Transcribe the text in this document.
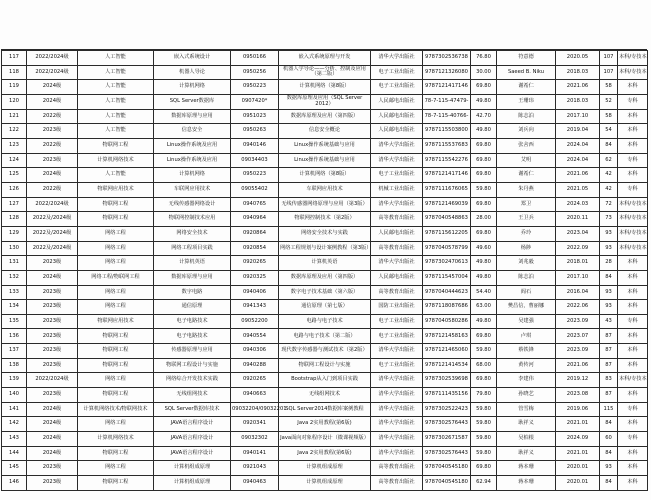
117	2022/2024级	人工智能	嵌入式系统设计	0950166	嵌入式系统原理与开发	清华大学出版社	9787302536738	76.80	符意德	2020.05	107	本科/专技本
118	2022/2024级	人工智能	机器人导论	0950256	机器人学导论——分析、控制及应用（第二版）	电子工业出版社	9787121326080	30.00	Saeed B. Niku	2018.03	107	本科/专技本
119	2024级	人工智能	计算机网络	0950223	计算机网络（第8版）	电子工业出版社	9787121417146	69.80	谢希仁	2021.06	58	本科
120	2024级	人工智能	SQL Server数据库	0907420*	数据库原理及应用（SQL Server 2012）	人民邮电出版社	78-7-115-47479-	49.80	王珊玮	2018.03	52	专科
121	2022级	人工智能	数据库原理与应用	0951023	数据库原理及应用（第四版）	人民邮电出版社	78-7-115-40766-	42.70	陈志泊	2017.10	58	本科
122	2023级	人工智能	信息安全	0950263	信息安全概论	人民邮电出版社	9787115503800	49.80	刘兵向	2019.04	54	本科
123	2022级	物联网工程	Linux操作系统及应用	0940146	Linux操作系统基础与应用	清华大学出版社	9787115537683	69.80	张舍西	2024.04	84	本科
124	2023级	计算机网络技术	Linux操作系统及应用	09034403	Linux操作系统基础与应用	清华大学出版社	9787115542276	69.80	艾明	2024.04	62	专科
125	2024级	人工智能	计算机网络	0950223	计算机网络（第8版）	电子工业出版社	9787121417146	69.80	谢希仁	2021.06	42	本科
126	2022级	物联网应用技术	车联网应用技术	09055402	车联网应用技术	机械工业出版社	9787111676065	59.80	朱丹燕	2021.05	42	专科
127	2022/2024级	物联网工程	无线传感器网络设计	0940765	无线传感器网络原理与应用（第3版）	清华大学出版社	9787121469039	69.80	郑卫	2024.03	72	本科/专技本
128	2022及/2024级	物联网工程	物联网控制技术应用	0940964	物联网控制技术（第2版）	高等教育出版社	9787040548863	28.00	王卫兵	2020.11	73	本科/专技本
129	2022及/2024级	网络工程	网络安全技术	0920864	网络安全技术与实践	人民邮电出版社	9787115612205	69.80	乔玲	2023.04	93	本科/专技本
130	2022及/2024级	网络工程	网络工程项目实践	0920854	网络工程规划与设计案例教程（第3版）	高等教育出版社	9787040578799	49.60	杨陟	2022.09	93	本科/专技本
131	2023级	网络工程	计算机英语	0920265	计算机英语	清华大学出版社	9787302470613	49.80	刘兆毅	2018.01	28	本科
132	2024级	网络工程/物联网工程	数据库原理与应用	0920325	数据库原理及应用（第四版）	人民邮电出版社	9787115457004	49.80	陈志泊	2017.10	84	本科
133	2023级	网络工程	数字电路	0940406	数字电子技术基础（第六版）	高等教育出版社	9787040444623	54.40	阎石	2016.04	93	本科
134	2023级	网络工程	通信原理	0941343	通信原理（第七版）	国防工业出版社	9787118087686	63.00	樊昌信，曹丽娜	2022.06	93	本科
135	2023级	物联网应用技术	电子电路技术	09052200	电路与电子技术	电子工业出版社	9787040580286	49.80	吴建强	2023.09	43	专科
136	2023级	物联网工程	电子电路技术	0940554	电路与电子技术（第二版）	电子工业出版社	9787121458163	69.80	卢琪	2023.07	87	本科
137	2023级	物联网工程	传感器原理与应用	0940306	现代数字传感器与测试技术（第2版）	清华大学出版社	9787121465060	59.80	蔡铁锋	2023.09	87	本科
138	2023级	物联网工程	物联网工程设计与实施	0940288	物联网工程设计与实施	电子工业出版社	9787121414534	68.00	黄传河	2021.06	87	本科
139	2022/2024级	网络工程	网络综合开发技术实践	0920265	Bootstrap从入门到项目实践	清华大学出版社	9787302539698	69.80	李建伟	2019.12	83	本科/专技本
140	2023级	物联网工程	无线组网技术	0940663	无线组网技术	清华大学出版社	9787111435156	79.80	孙晓艺	2023.08	87	本科
141	2024级	计算机网络技术/物联网技术	SQL Server数据库技术	09032204/09032201	SQL Server2014数据库案例教程	清华大学出版社	9787302522423	59.80	管雪梅	2019.06	115	专科
142	2024级	网络工程	JAVA语言程序设计	0920341	Java 2实用教程(第6版)	清华大学出版社	9787302576443	59.80	耿祥义	2021.01	84	本科
143	2024级	计算机网络技术	JAVA语言程序设计	09032302	Java面向对象程序设计（微课视频版）	清华大学出版社	9787302671587	59.80	吴柏根	2024.09	60	专科
144	2024级	物联网工程	JAVA语言程序设计	0940141	Java 2实用教程(第6版)	清华大学出版社	9787302576443	59.80	耿祥义	2021.01	84	本科
145	2023级	网络工程	计算机组成原理	0921043	计算机组成原理	高等教育出版社	9787040545180	69.80	蒋本珊	2020.01	93	本科
146	2023级	物联网工程	计算机组成原理	0940463	计算机组成原理	高等教育出版社	9787040545180	62.94	蒋本珊	2020.01	84	本科
